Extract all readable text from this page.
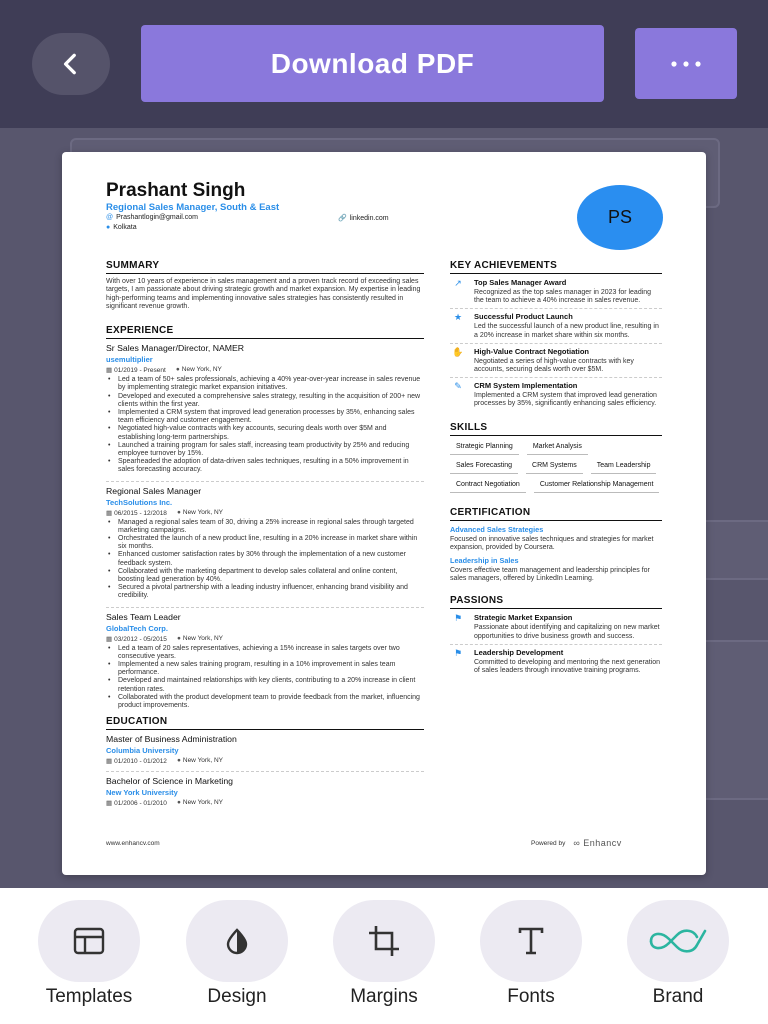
Download PDF
Prashant Singh
Regional Sales Manager, South & East
@ Prashantlogin@gmail.com	🔗 linkedin.com
● Kolkata
PS
SUMMARY
With over 10 years of experience in sales management and a proven track record of exceeding sales targets, I am passionate about driving strategic growth and market expansion. My expertise in leading high-performing teams and implementing innovative sales strategies has consistently resulted in significant revenue growth.
EXPERIENCE
Sr Sales Manager/Director, NAMER
usemultiplier
▦ 01/2019 - Present ● New York, NY
• Led a team of 50+ sales professionals, achieving a 40% year-over-year increase in sales revenue by implementing strategic market expansion initiatives.
• Developed and executed a comprehensive sales strategy, resulting in the acquisition of 200+ new clients within the first year.
• Implemented a CRM system that improved lead generation processes by 35%, enhancing sales team efficiency and customer engagement.
• Negotiated high-value contracts with key accounts, securing deals worth over $5M and establishing long-term partnerships.
• Launched a training program for sales staff, increasing team productivity by 25% and reducing employee turnover by 15%.
• Spearheaded the adoption of data-driven sales techniques, resulting in a 50% improvement in sales forecasting accuracy.
Regional Sales Manager
TechSolutions Inc.
▦ 06/2015 - 12/2018 ● New York, NY
• Managed a regional sales team of 30, driving a 25% increase in regional sales through targeted marketing campaigns.
• Orchestrated the launch of a new product line, resulting in a 20% increase in market share within six months.
• Enhanced customer satisfaction rates by 30% through the implementation of a new customer feedback system.
• Collaborated with the marketing department to develop sales collateral and online content, boosting lead generation by 40%.
• Secured a pivotal partnership with a leading industry influencer, enhancing brand visibility and credibility.
Sales Team Leader
GlobalTech Corp.
▦ 03/2012 - 05/2015 ● New York, NY
• Led a team of 20 sales representatives, achieving a 15% increase in sales targets over two consecutive years.
• Implemented a new sales training program, resulting in a 10% improvement in sales team performance.
• Developed and maintained relationships with key clients, contributing to a 20% increase in client retention rates.
• Collaborated with the product development team to provide feedback from the market, influencing product improvements.
EDUCATION
Master of Business Administration
Columbia University
▦ 01/2010 - 01/2012 ● New York, NY
Bachelor of Science in Marketing
New York University
▦ 01/2006 - 01/2010 ● New York, NY
KEY ACHIEVEMENTS
↗	Top Sales Manager Award
Recognized as the top sales manager in 2023 for leading the team to achieve a 40% increase in sales revenue.
★	Successful Product Launch
Led the successful launch of a new product line, resulting in a 20% increase in market share within six months.
✋	High-Value Contract Negotiation
Negotiated a series of high-value contracts with key accounts, securing deals worth over $5M.
✎	CRM System Implementation
Implemented a CRM system that improved lead generation processes by 35%, significantly enhancing sales efficiency.
SKILLS
Strategic Planning	Market Analysis
Sales Forecasting	CRM Systems	Team Leadership
Contract Negotiation	Customer Relationship Management
CERTIFICATION
Advanced Sales Strategies
Focused on innovative sales techniques and strategies for market expansion, provided by Coursera.
Leadership in Sales
Covers effective team management and leadership principles for sales managers, offered by LinkedIn Learning.
PASSIONS
⚑	Strategic Market Expansion
Passionate about identifying and capitalizing on new market opportunities to drive business growth and success.
⚑	Leadership Development
Committed to developing and mentoring the next generation of sales leaders through innovative training programs.
www.enhancv.com	Powered by ∞ Enhancv
Templates	Design	Margins	Fonts	Brand
